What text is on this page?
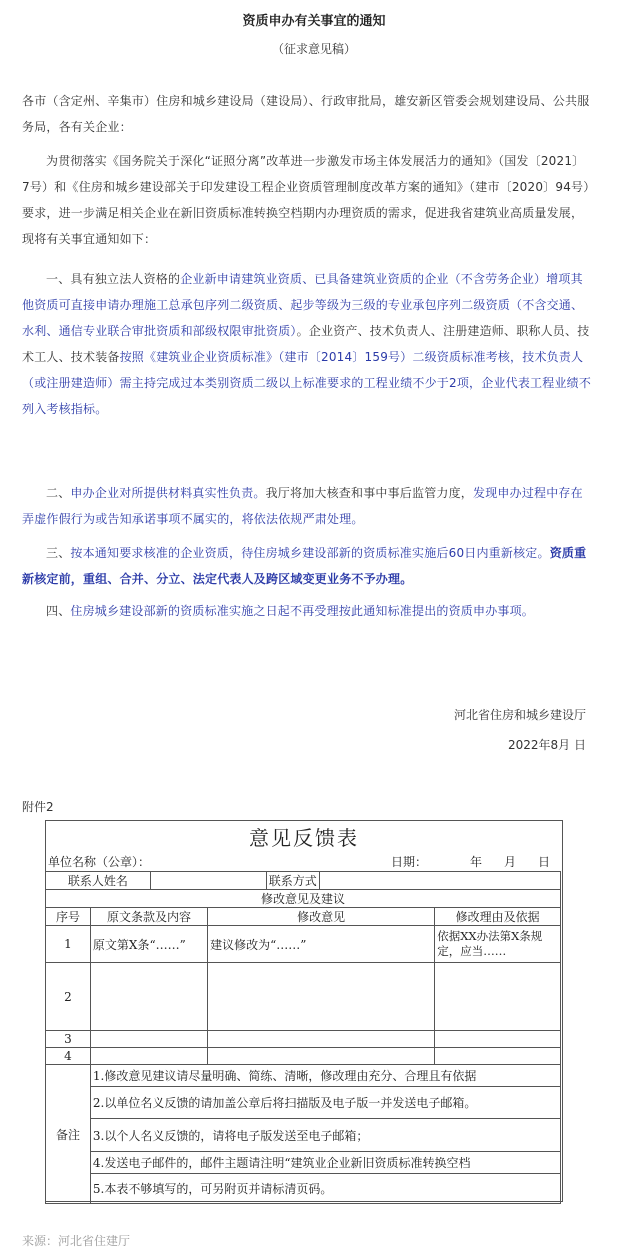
资质申办有关事宜的通知
（征求意见稿）
各市（含定州、辛集市）住房和城乡建设局（建设局）、行政审批局，雄安新区管委会规划建设局、公共服务局，各有关企业：
为贯彻落实《国务院关于深化“证照分离”改革进一步激发市场主体发展活力的通知》（国发〔2021〕7号）和《住房和城乡建设部关于印发建设工程企业资质管理制度改革方案的通知》（建市〔2020〕94号）要求，进一步满足相关企业在新旧资质标准转换空档期内办理资质的需求，促进我省建筑业高质量发展，现将有关事宜通知如下：
一、具有独立法人资格的企业新申请建筑业资质、已具备建筑业资质的企业（不含劳务企业）增项其他资质可直接申请办理施工总承包序列二级资质、起步等级为三级的专业承包序列二级资质（不含交通、水利、通信专业联合审批资质和部级权限审批资质）。企业资产、技术负责人、注册建造师、职称人员、技术工人、技术装备按照《建筑业企业资质标准》（建市〔2014〕159号）二级资质标准考核，技术负责人（或注册建造师）需主持完成过本类别资质二级以上标准要求的工程业绩不少于2项，企业代表工程业绩不列入考核指标。
二、申办企业对所提供材料真实性负责。我厅将加大核查和事中事后监管力度，发现申办过程中存在弄虚作假行为或告知承诺事项不属实的，将依法依规严肃处理。
三、按本通知要求核准的企业资质，待住房城乡建设部新的资质标准实施后60日内重新核定。资质重新核定前，重组、合并、分立、法定代表人及跨区域变更业务不予办理。
四、住房城乡建设部新的资质标准实施之日起不再受理按此通知标准提出的资质申办事项。
河北省住房和城乡建设厅
2022年8月 日
附件2
意见反馈表
单位名称（公章）：	日期：	年 月 日
联系人姓名				联系方式		
修改意见及建议						
序号	原文条款及内容		修改意见			修改理由及依据
1	原文第X条“……”		建议修改为“……”			依据XX办法第X条规定，应当……
2						
3						
4						
备注	1.修改意见建议请尽量明确、简练、清晰，修改理由充分、合理且有依据					
	2.以单位名义反馈的请加盖公章后将扫描版及电子版一并发送电子邮箱。					
	3.以个人名义反馈的，请将电子版发送至电子邮箱；					
	4.发送电子邮件的，邮件主题请注明“建筑业企业新旧资质标准转换空档					
	5.本表不够填写的，可另附页并请标清页码。					
来源：河北省住建厅
